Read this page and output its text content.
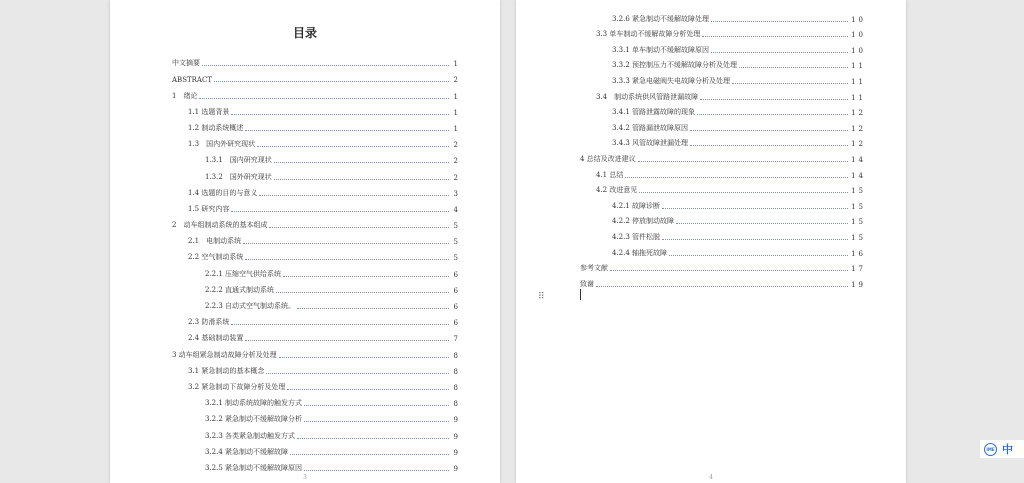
目录
中文摘要	1
ABSTRACT	2
1　绪论	1
1.1 选题背景	1
1.2 制动系统概述	1
1.3　国内外研究现状	2
1.3.1　国内研究现状	2
1.3.2　国外研究现状	2
1.4 选题的目的与意义	3
1.5 研究内容	4
2　动车组制动系统的基本组成	5
2.1　电制动系统	5
2.2 空气制动系统	5
2.2.1 压缩空气供给系统	6
2.2.2 直通式制动系统	6
2.2.3 自动式空气制动系统。	6
2.3 防滑系统	6
2.4 基础制动装置	7
3 动车组紧急制动故障分析及处理	8
3.1 紧急制动的基本概念	8
3.2 紧急制动下故障分析及处理	8
3.2.1 制动系统故障的触发方式	8
3.2.2 紧急制动不缓解故障分析	9
3.2.3 各类紧急制动触发方式	9
3.2.4 紧急制动不缓解故障	9
3.2.5 紧急制动不缓解故障原因	9
3
3.2.6 紧急制动不缓解故障处理	10
3.3 单车制动不缓解故障分析处理	10
3.3.1 单车制动不缓解故障原因	10
3.3.2 预控制压力不缓解故障分析及处理	11
3.3.3 紧急电磁阀失电故障分析及处理	11
3.4　制动系统供风管路泄漏故障	11
3.4.1 管路泄露故障的现象	12
3.4.2 管路漏泄故障原因	12
3.4.3 风管故障泄漏处理	12
4 总结及改进建议	14
4.1 总结	14
4.2 改进意见	15
4.2.1 故障诊断	15
4.2.2 停放制动故障	15
4.2.3 管件松脱	15
4.2.4 轴拖死故障	16
参考文献	17
致谢	19
4
⠿
IME 中
